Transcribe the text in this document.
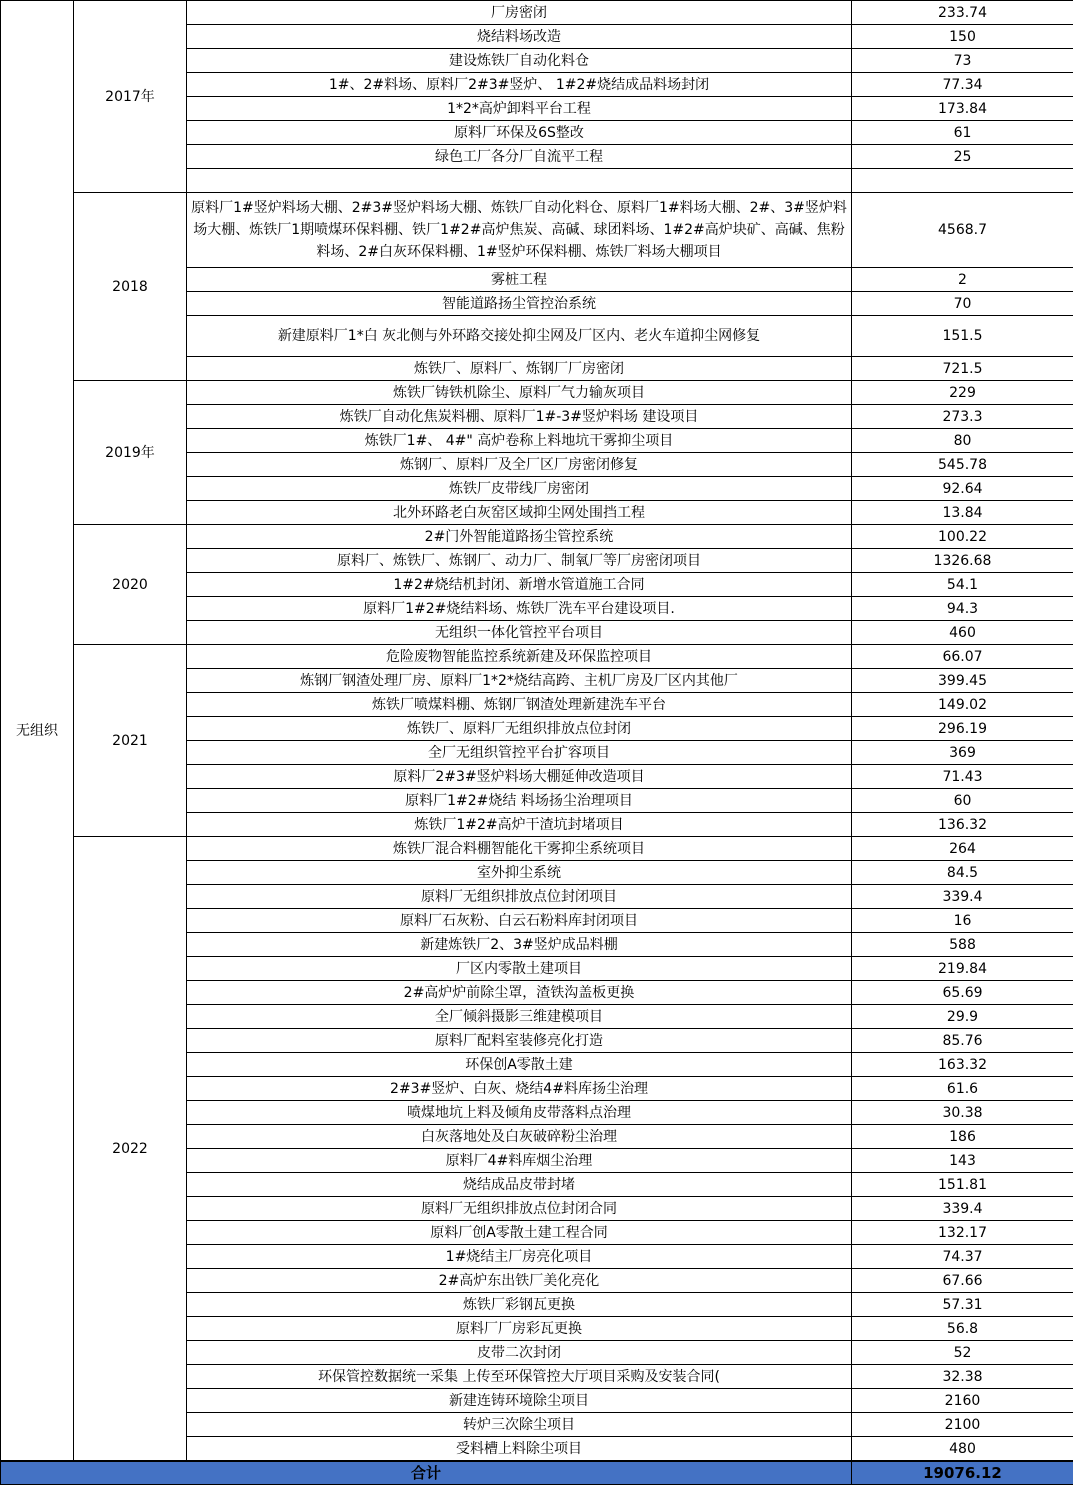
无组织	2017年	厂房密闭	233.74
		烧结料场改造	150
		建设炼铁厂自动化料仓	73
		1#、2#料场、原料厂2#3#竖炉、 1#2#烧结成品料场封闭	77.34
		1*2*高炉卸料平台工程	173.84
		原料厂环保及6S整改	61
		绿色工厂各分厂自流平工程	25

	2018	原料厂1#竖炉料场大棚、2#3#竖炉料场大棚、炼铁厂自动化料仓、原料厂1#料场大棚、2#、3#竖炉料场大棚、炼铁厂1期喷煤环保料棚、铁厂1#2#高炉焦炭、高碱、球团料场、1#2#高炉块矿、高碱、焦粉料场、2#白灰环保料棚、1#竖炉环保料棚、炼铁厂料场大棚项目	4568.7
		雾桩工程	2
		智能道路扬尘管控治系统	70
		新建原料厂1*白 灰北侧与外环路交接处抑尘网及厂区内、老火车道抑尘网修复	151.5
		炼铁厂、原料厂、炼钢厂厂房密闭	721.5
	2019年	炼铁厂铸铁机除尘、原料厂气力输灰项目	229
		炼铁厂自动化焦炭料棚、原料厂1#-3#竖炉料场 建设项目	273.3
		炼铁厂1#、 4#" 高炉卷称上料地坑干雾抑尘项目	80
		炼钢厂、原料厂及全厂区厂房密闭修复	545.78
		炼铁厂皮带线厂房密闭	92.64
		北外环路老白灰窑区域抑尘网处围挡工程	13.84
	2020	2#门外智能道路扬尘管控系统	100.22
		原料厂、炼铁厂、炼钢厂、动力厂、制氧厂等厂房密闭项目	1326.68
		1#2#烧结机封闭、新增水管道施工合同	54.1
		原料厂1#2#烧结料场、炼铁厂洗车平台建设项目.	94.3
		无组织一体化管控平台项目	460
	2021	危险废物智能监控系统新建及环保监控项目	66.07
		炼钢厂钢渣处理厂房、原料厂1*2*烧结高跨、主机厂房及厂区内其他厂	399.45
		炼铁厂喷煤料棚、炼钢厂钢渣处理新建洗车平台	149.02
		炼铁厂、原料厂无组织排放点位封闭	296.19
		全厂无组织管控平台扩容项目	369
		原料厂2#3#竖炉料场大棚延伸改造项目	71.43
		原料厂1#2#烧结 料场扬尘治理项目	60
		炼铁厂1#2#高炉干渣坑封堵项目	136.32
	2022	炼铁厂混合料棚智能化干雾抑尘系统项目	264
		室外抑尘系统	84.5
		原料厂无组织排放点位封闭项目	339.4
		原料厂石灰粉、白云石粉料库封闭项目	16
		新建炼铁厂2、3#竖炉成品料棚	588
		厂区内零散土建项目	219.84
		2#高炉炉前除尘罩，渣铁沟盖板更换	65.69
		全厂倾斜摄影三维建模项目	29.9
		原料厂配料室装修亮化打造	85.76
		环保创A零散土建	163.32
		2#3#竖炉、白灰、烧结4#料库扬尘治理	61.6
		喷煤地坑上料及倾角皮带落料点治理	30.38
		白灰落地处及白灰破碎粉尘治理	186
		原料厂4#料库烟尘治理	143
		烧结成品皮带封堵	151.81
		原料厂无组织排放点位封闭合同	339.4
		原料厂创A零散土建工程合同	132.17
		1#烧结主厂房亮化项目	74.37
		2#高炉东出铁厂美化亮化	67.66
		炼铁厂彩钢瓦更换	57.31
		原料厂厂房彩瓦更换	56.8
		皮带二次封闭	52
		环保管控数据统一采集 上传至环保管控大厅项目采购及安装合同(	32.38
		新建连铸环境除尘项目	2160
		转炉三次除尘项目	2100
		受料槽上料除尘项目	480
合计			19076.12
